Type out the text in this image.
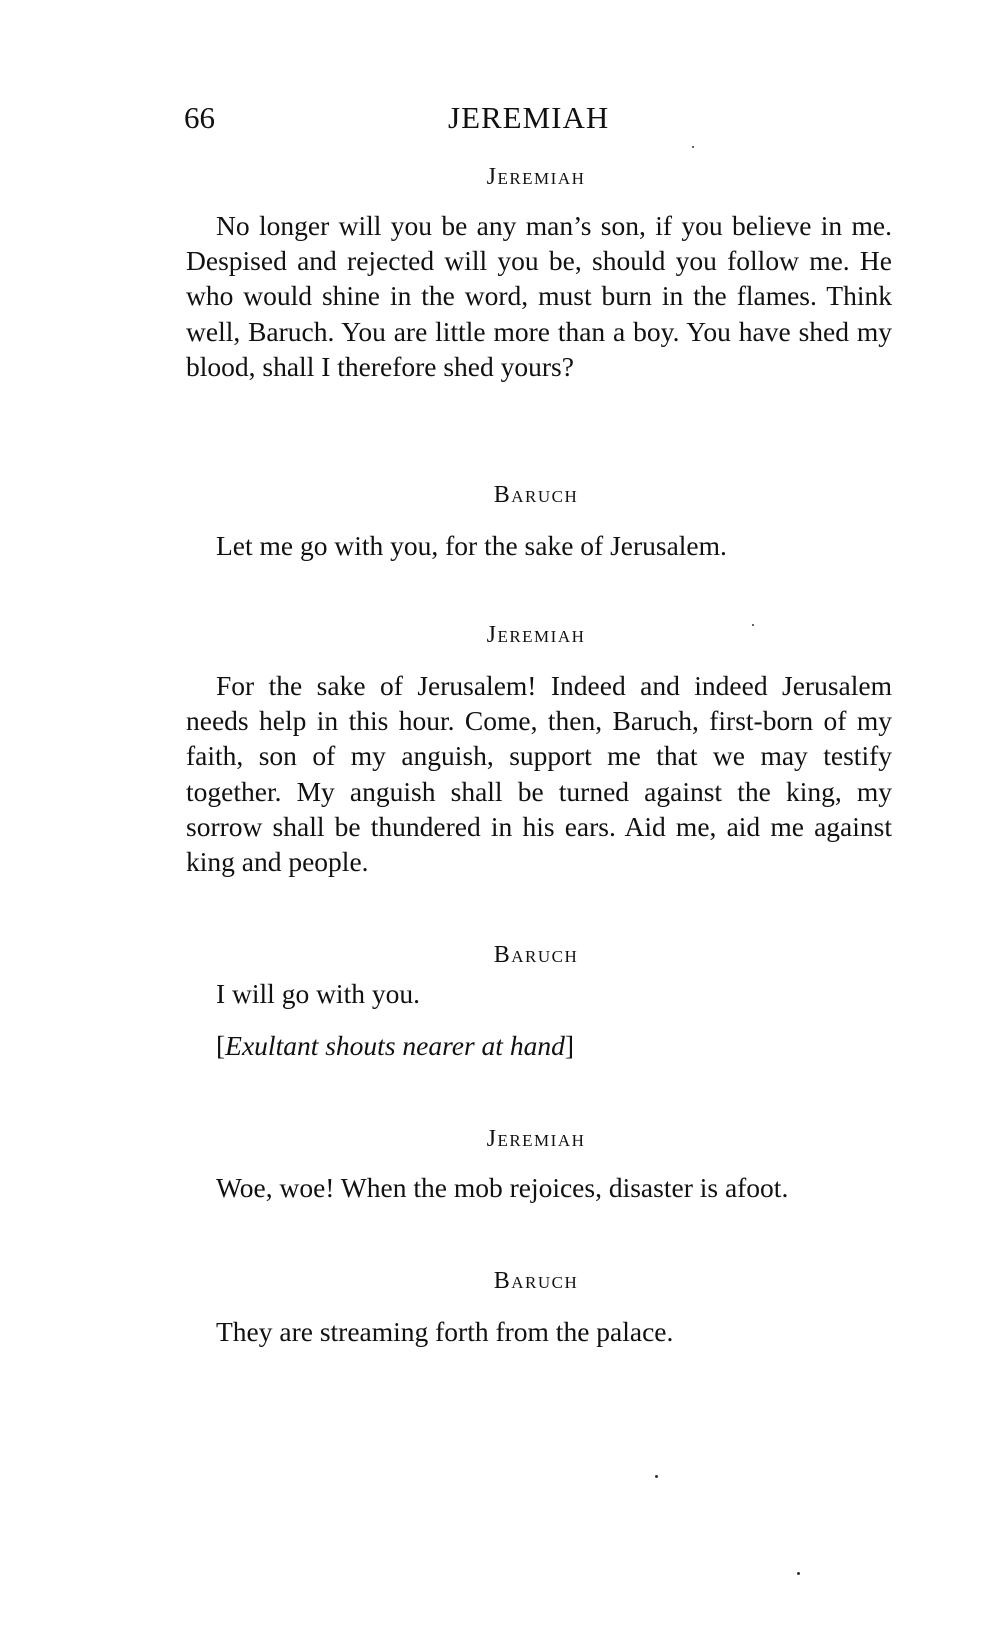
66	JEREMIAH
Jeremiah

No longer will you be any man’s son, if you believe in me. Despised and rejected will you be, should you follow me. He who would shine in the word, must burn in the flames. Think well, Baruch. You are little more than a boy. You have shed my blood, shall I therefore shed yours?

Baruch

Let me go with you, for the sake of Jerusalem.

Jeremiah

For the sake of Jerusalem! Indeed and indeed Jerusalem needs help in this hour. Come, then, Baruch, first-born of my faith, son of my anguish, support me that we may testify together. My anguish shall be turned against the king, my sorrow shall be thundered in his ears. Aid me, aid me against king and people.

Baruch

I will go with you.

[Exultant shouts nearer at hand]

Jeremiah

Woe, woe! When the mob rejoices, disaster is afoot.

Baruch

They are streaming forth from the palace.
